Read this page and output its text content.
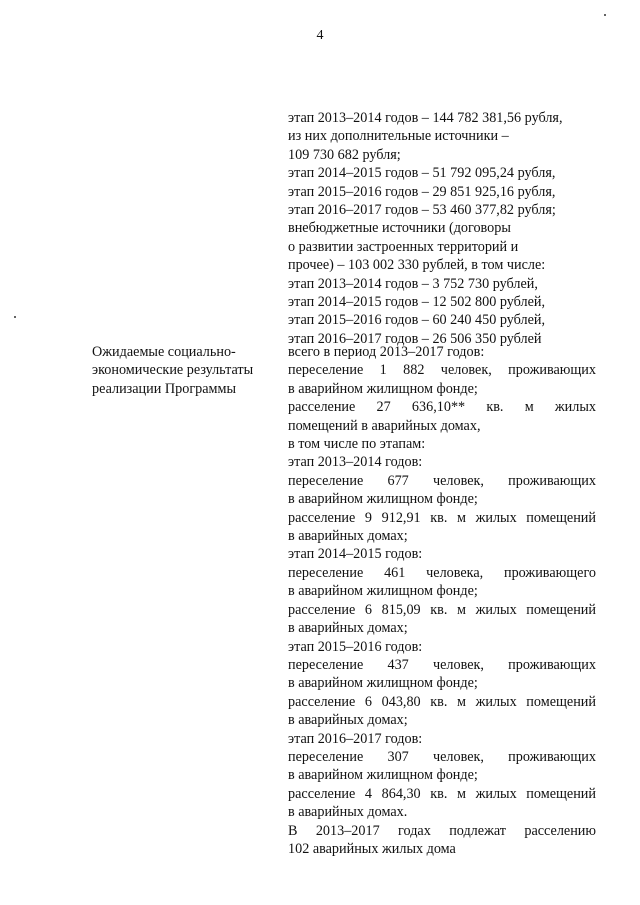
4
этап 2013–2014 годов – 144 782 381,56 рубля,
из них дополнительные источники –
109 730 682 рубля;
этап 2014–2015 годов – 51 792 095,24 рубля,
этап 2015–2016 годов – 29 851 925,16 рубля,
этап 2016–2017 годов – 53 460 377,82 рубля;
внебюджетные источники (договоры
о развитии застроенных территорий и
прочее) – 103 002 330 рублей, в том числе:
этап 2013–2014 годов – 3 752 730 рублей,
этап 2014–2015 годов – 12 502 800 рублей,
этап 2015–2016 годов – 60 240 450 рублей,
этап 2016–2017 годов – 26 506 350 рублей
Ожидаемые социально-
экономические результаты
реализации Программы
всего в период 2013–2017 годов:
переселение 1 882 человек, проживающих
в аварийном жилищном фонде;
расселение 27 636,10** кв. м жилых
помещений в аварийных домах,
в том числе по этапам:
этап 2013–2014 годов:
переселение 677 человек, проживающих
в аварийном жилищном фонде;
расселение 9 912,91 кв. м жилых помещений
в аварийных домах;
этап 2014–2015 годов:
переселение 461 человека, проживающего
в аварийном жилищном фонде;
расселение 6 815,09 кв. м жилых помещений
в аварийных домах;
этап 2015–2016 годов:
переселение 437 человек, проживающих
в аварийном жилищном фонде;
расселение 6 043,80 кв. м жилых помещений
в аварийных домах;
этап 2016–2017 годов:
переселение 307 человек, проживающих
в аварийном жилищном фонде;
расселение 4 864,30 кв. м жилых помещений
в аварийных домах.
В 2013–2017 годах подлежат расселению
102 аварийных жилых дома
